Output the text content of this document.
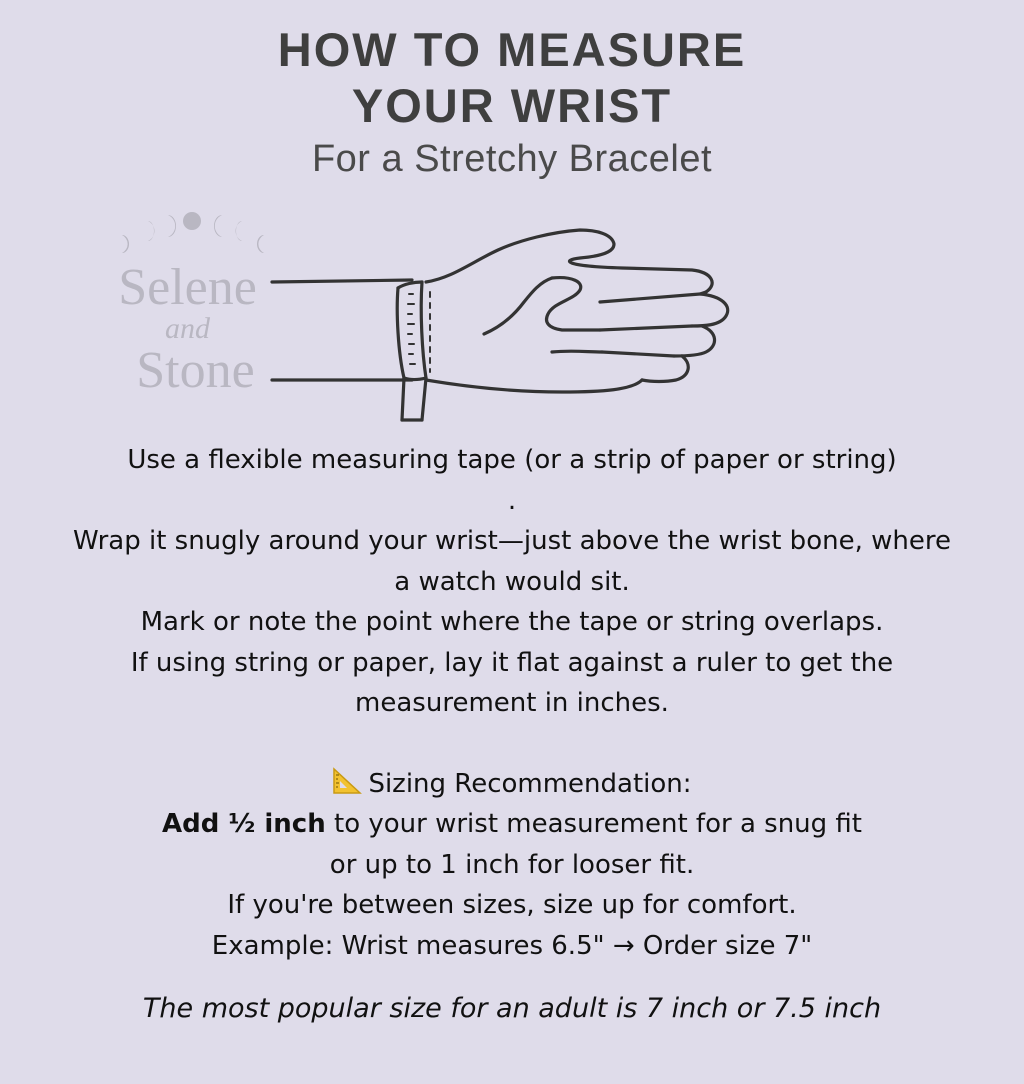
HOW TO MEASURE
YOUR WRIST
For a Stretchy Bracelet
Selene
and
Stone

Use a flexible measuring tape (or a strip of paper or string)

.

Wrap it snugly around your wrist—just above the wrist bone, where

a watch would sit.

Mark or note the point where the tape or string overlaps.

If using string or paper, lay it flat against a ruler to get the

measurement in inches.

Sizing Recommendation:

Add ½ inch to your wrist measurement for a snug fit

or up to 1 inch for looser fit.

If you're between sizes, size up for comfort.

Example: Wrist measures 6.5" → Order size 7"

The most popular size for an adult is 7 inch or 7.5 inch
